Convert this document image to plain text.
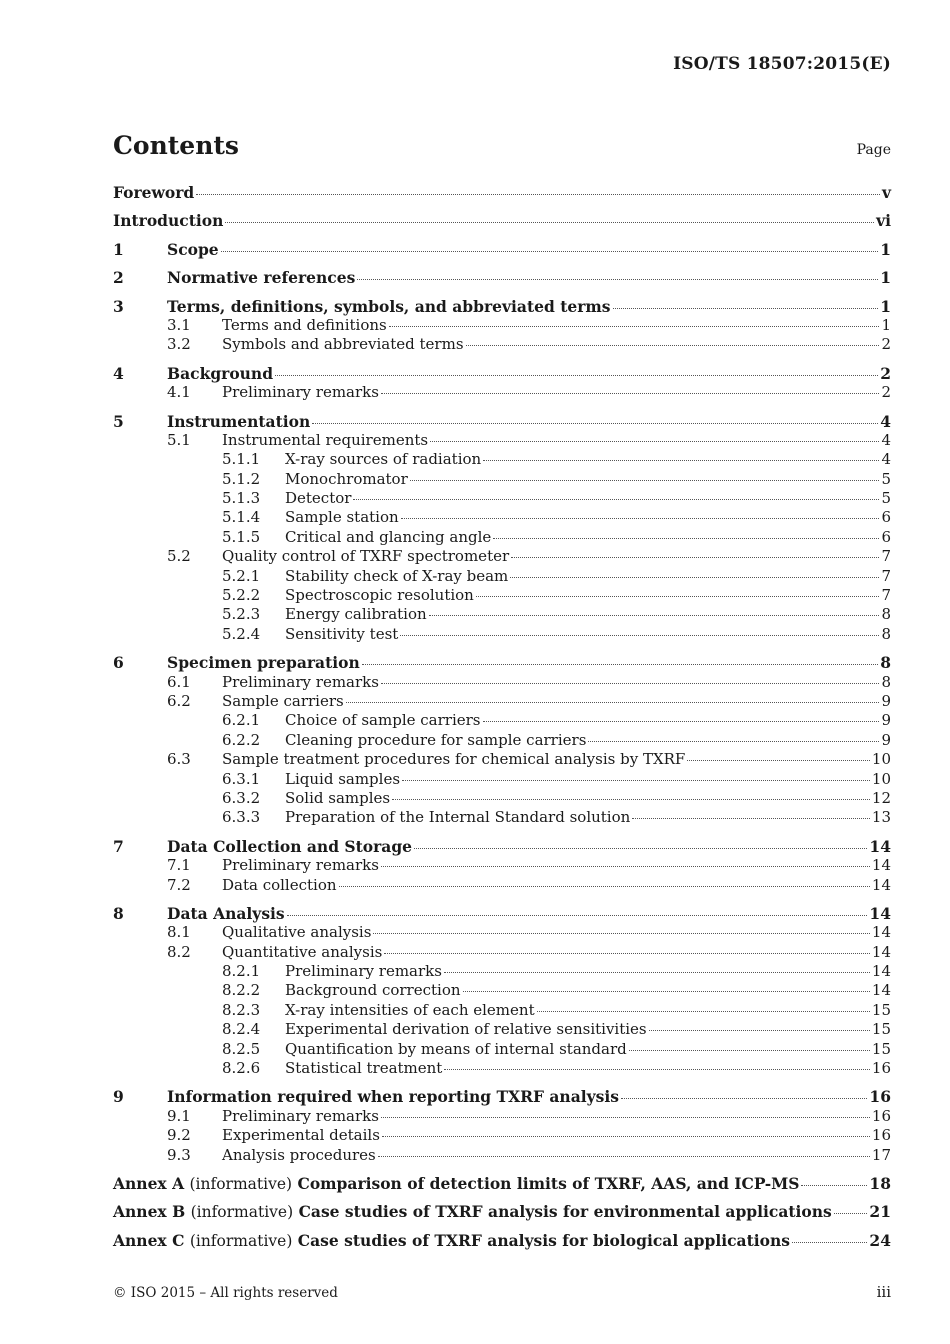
ISO/TS 18507:2015(E)
Contents	Page
Foreword	v
Introduction	vi
1	Scope	1
2	Normative references	1
3	Terms, definitions, symbols, and abbreviated terms	1
3.1 Terms and definitions	1
3.2 Symbols and abbreviated terms	2
4	Background	2
4.1 Preliminary remarks	2
5	Instrumentation	4
5.1 Instrumental requirements	4
5.1.1 X-ray sources of radiation	4
5.1.2 Monochromator	5
5.1.3 Detector	5
5.1.4 Sample station	6
5.1.5 Critical and glancing angle	6
5.2 Quality control of TXRF spectrometer	7
5.2.1 Stability check of X-ray beam	7
5.2.2 Spectroscopic resolution	7
5.2.3 Energy calibration	8
5.2.4 Sensitivity test	8
6	Specimen preparation	8
6.1 Preliminary remarks	8
6.2 Sample carriers	9
6.2.1 Choice of sample carriers	9
6.2.2 Cleaning procedure for sample carriers	9
6.3 Sample treatment procedures for chemical analysis by TXRF	10
6.3.1 Liquid samples	10
6.3.2 Solid samples	12
6.3.3 Preparation of the Internal Standard solution	13
7	Data Collection and Storage	14
7.1 Preliminary remarks	14
7.2 Data collection	14
8	Data Analysis	14
8.1 Qualitative analysis	14
8.2 Quantitative analysis	14
8.2.1 Preliminary remarks	14
8.2.2 Background correction	14
8.2.3 X-ray intensities of each element	15
8.2.4 Experimental derivation of relative sensitivities	15
8.2.5 Quantification by means of internal standard	15
8.2.6 Statistical treatment	16
9	Information required when reporting TXRF analysis	16
9.1 Preliminary remarks	16
9.2 Experimental details	16
9.3 Analysis procedures	17
Annex A (informative) Comparison of detection limits of TXRF, AAS, and ICP-MS	18
Annex B (informative) Case studies of TXRF analysis for environmental applications 21
Annex C (informative) Case studies of TXRF analysis for biological applications	24
© ISO 2015 – All rights reserved	iii
